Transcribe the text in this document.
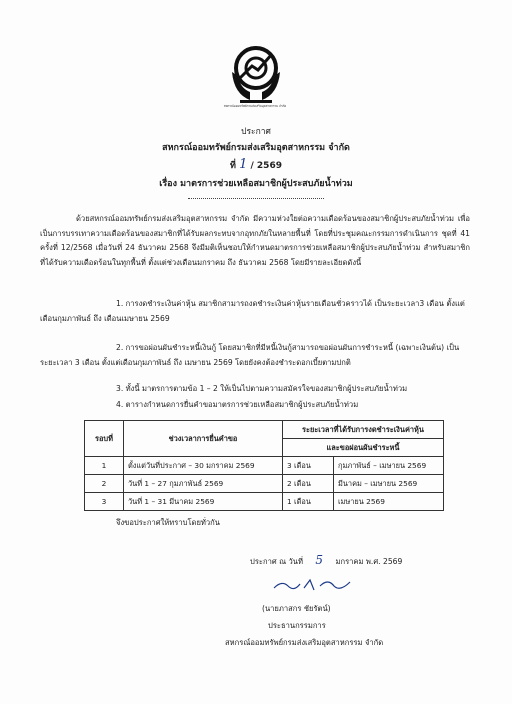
สหกรณ์ออมทรัพย์กรมส่งเสริมอุตสาหกรรม จำกัด
ประกาศ
สหกรณ์ออมทรัพย์กรมส่งเสริมอุตสาหกรรม จำกัด
ที่ 1 / 2569
เรื่อง มาตรการช่วยเหลือสมาชิกผู้ประสบภัยน้ำท่วม
ด้วยสหกรณ์ออมทรัพย์กรมส่งเสริมอุตสาหกรรม จำกัด มีความห่วงใยต่อความเดือดร้อนของสมาชิกผู้ประสบภัยน้ำท่วม เพื่อเป็นการบรรเทาความเดือดร้อนของสมาชิกที่ได้รับผลกระทบจากอุทกภัยในหลายพื้นที่ โดยที่ประชุมคณะกรรมการดำเนินการ ชุดที่ 41 ครั้งที่ 12/2568 เมื่อวันที่ 24 ธันวาคม 2568 จึงมีมติเห็นชอบให้กำหนดมาตรการช่วยเหลือสมาชิกผู้ประสบภัยน้ำท่วม สำหรับสมาชิกที่ได้รับความเดือดร้อนในทุกพื้นที่ ตั้งแต่ช่วงเดือนมกราคม ถึง ธันวาคม 2568 โดยมีรายละเอียดดังนี้
1. การงดชำระเงินค่าหุ้น สมาชิกสามารถงดชำระเงินค่าหุ้นรายเดือนชั่วคราวได้ เป็นระยะเวลา3 เดือน ตั้งแต่เดือนกุมภาพันธ์ ถึง เดือนเมษายน 2569
2. การขอผ่อนผันชำระหนี้เงินกู้ โดยสมาชิกที่มีหนี้เงินกู้สามารถขอผ่อนผันการชำระหนี้ (เฉพาะเงินต้น) เป็นระยะเวลา 3 เดือน ตั้งแต่เดือนกุมภาพันธ์ ถึง เมษายน 2569 โดยยังคงต้องชำระดอกเบี้ยตามปกติ
3. ทั้งนี้ มาตรการตามข้อ 1 – 2 ให้เป็นไปตามความสมัครใจของสมาชิกผู้ประสบภัยน้ำท่วม
4. ตารางกำหนดการยื่นคำขอมาตรการช่วยเหลือสมาชิกผู้ประสบภัยน้ำท่วม
รอบที่	ช่วงเวลาการยื่นคำขอ	ระยะเวลาที่ได้รับการงดชำระเงินค่าหุ้น	
		และขอผ่อนผันชำระหนี้	
1	ตั้งแต่วันที่ประกาศ – 30 มกราคม 2569	3 เดือน	กุมภาพันธ์ – เมษายน 2569
2	วันที่ 1 – 27 กุมภาพันธ์ 2569	2 เดือน	มีนาคม – เมษายน 2569
3	วันที่ 1 – 31 มีนาคม 2569	1 เดือน	เมษายน 2569
จึงขอประกาศให้ทราบโดยทั่วกัน
ประกาศ ณ วันที่ 5 มกราคม พ.ศ. 2569
(นายภาสกร ชัยรัตน์)
ประธานกรรมการ
สหกรณ์ออมทรัพย์กรมส่งเสริมอุตสาหกรรม จำกัด
